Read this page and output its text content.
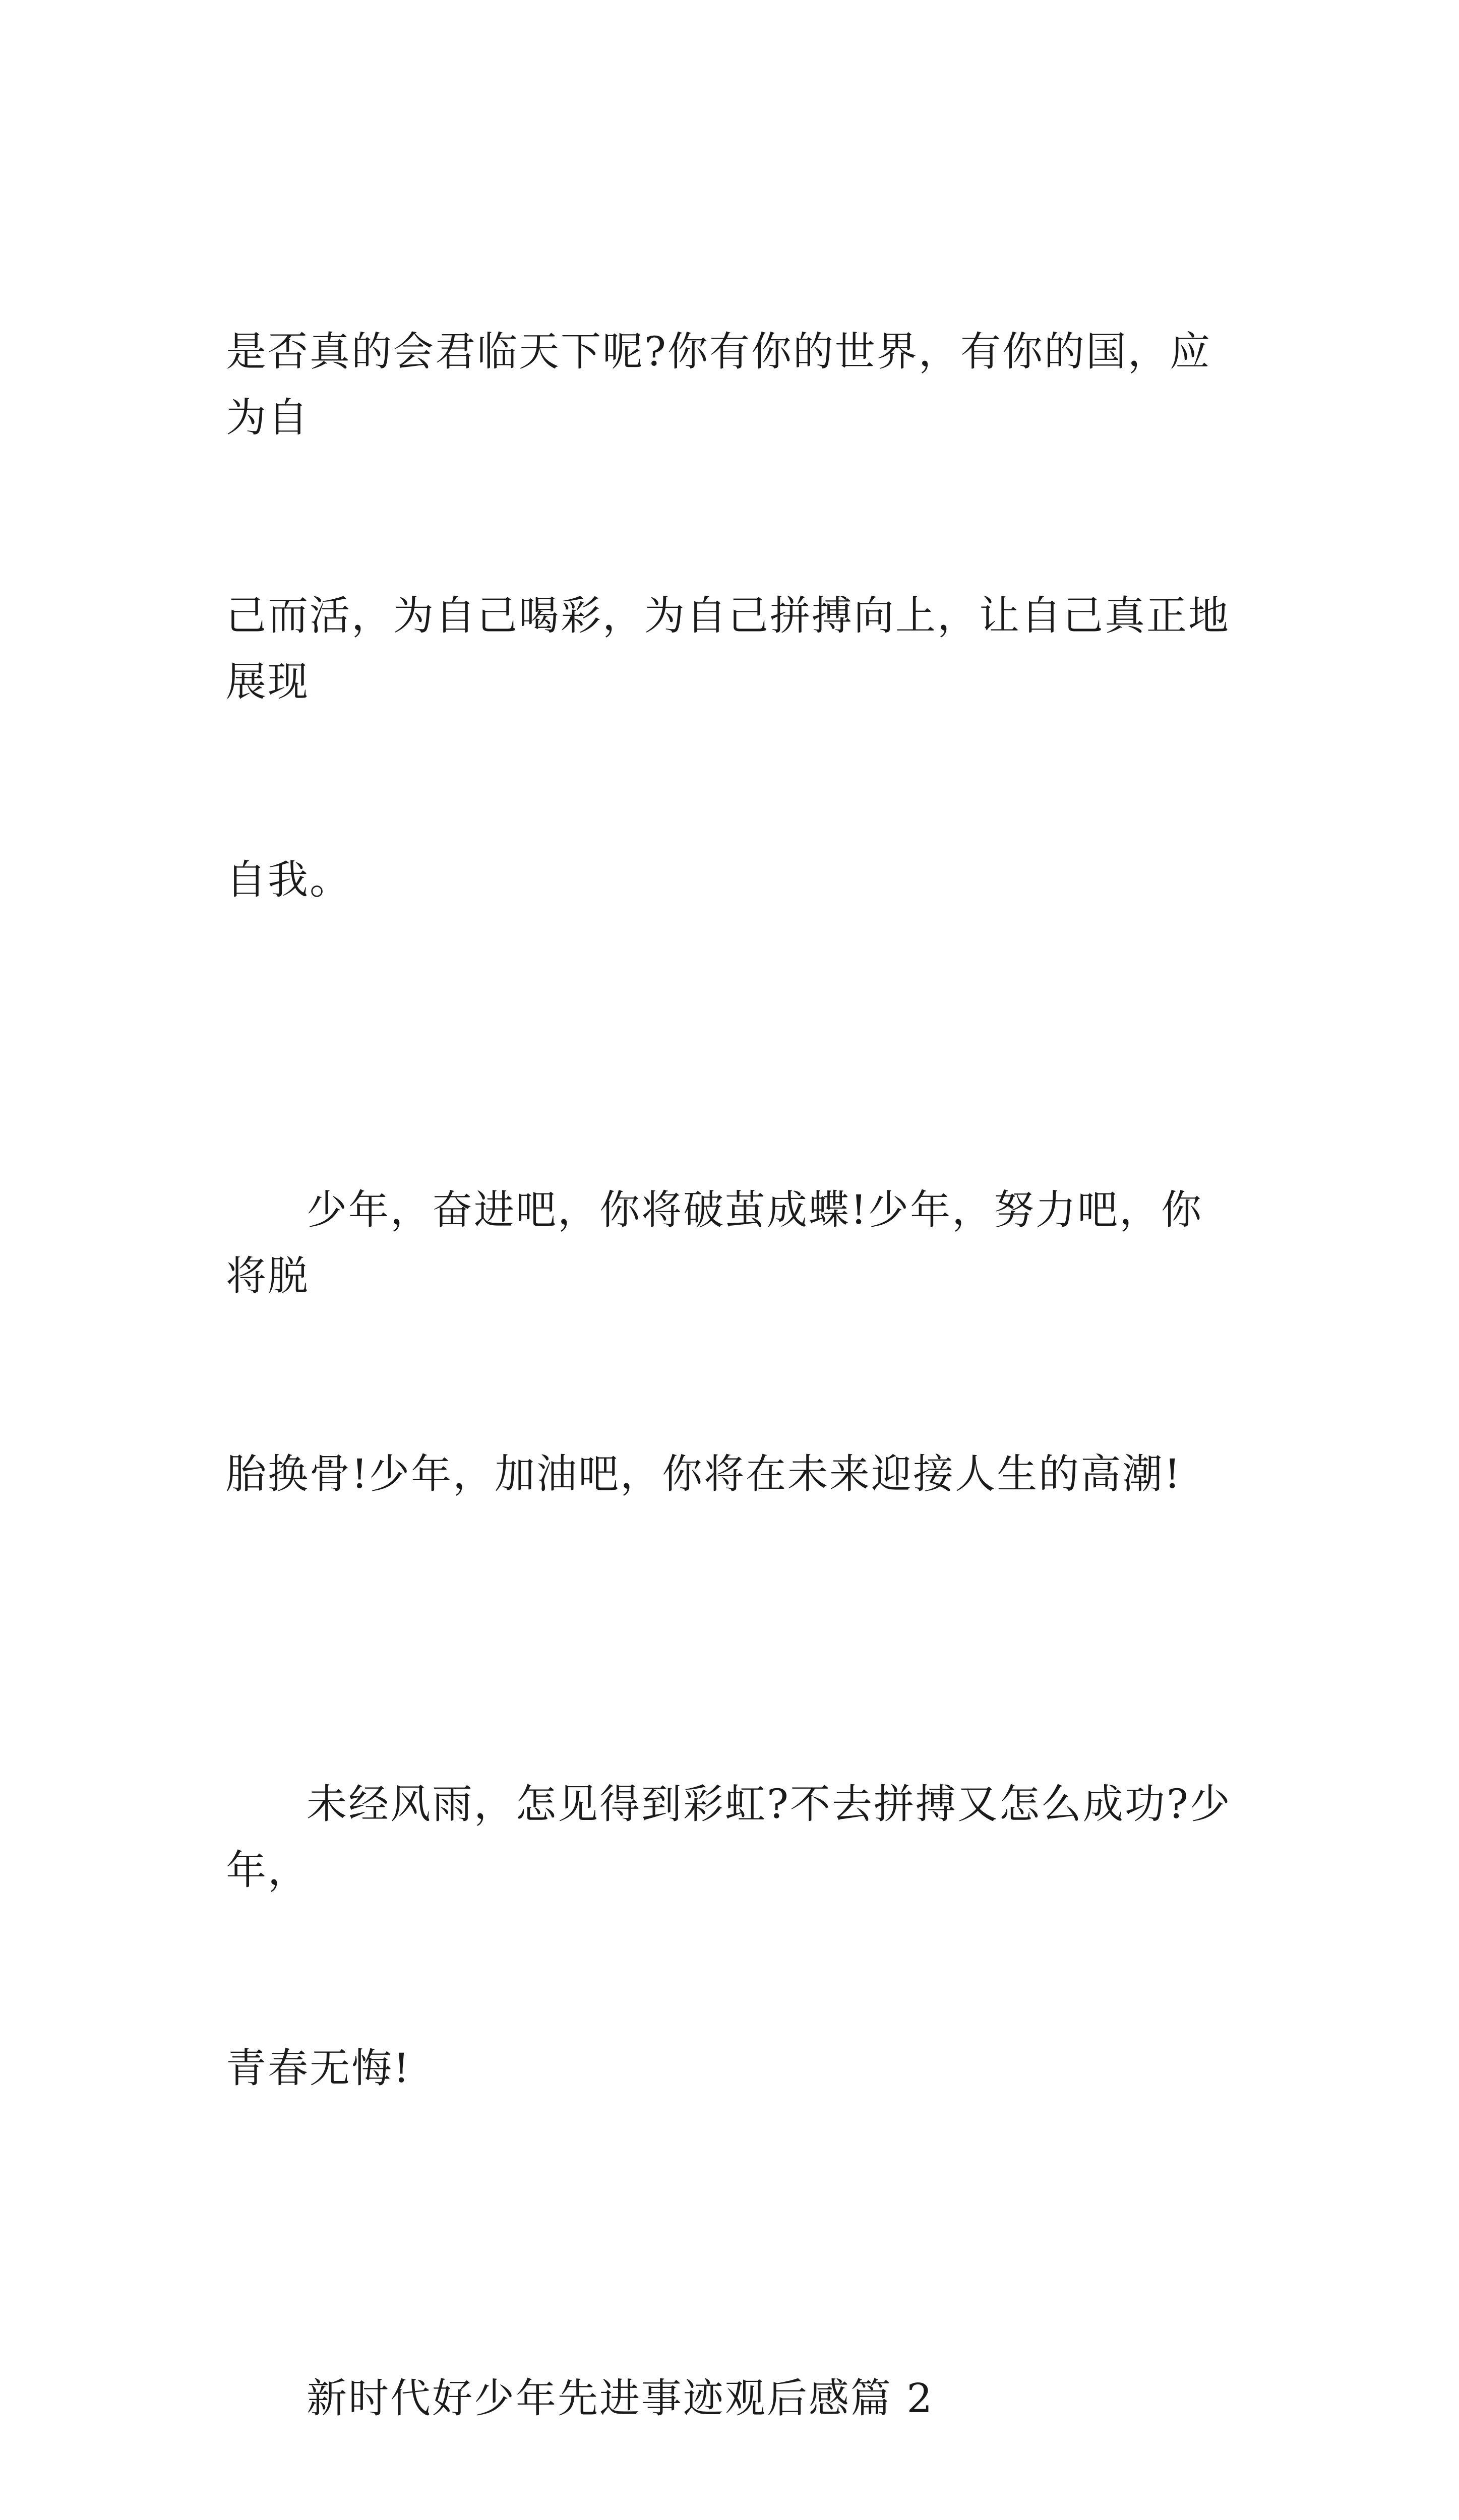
是否真的会君临天下呢?你有你的世界，有你的国，应为自

己而活，为自己喝彩，为自己拼搏向上，让自己真正地展现

自我。

少年，奋进吧，你将破茧成蝶!少年，努力吧，你将脱

胎换骨!少年，加油吧，你将在未来迎接人生的高潮!

未经风雨，怎见得到彩虹?不去拼搏又怎么成功?少年，

青春无悔!

新时代好少年先进事迹观后感篇 2
